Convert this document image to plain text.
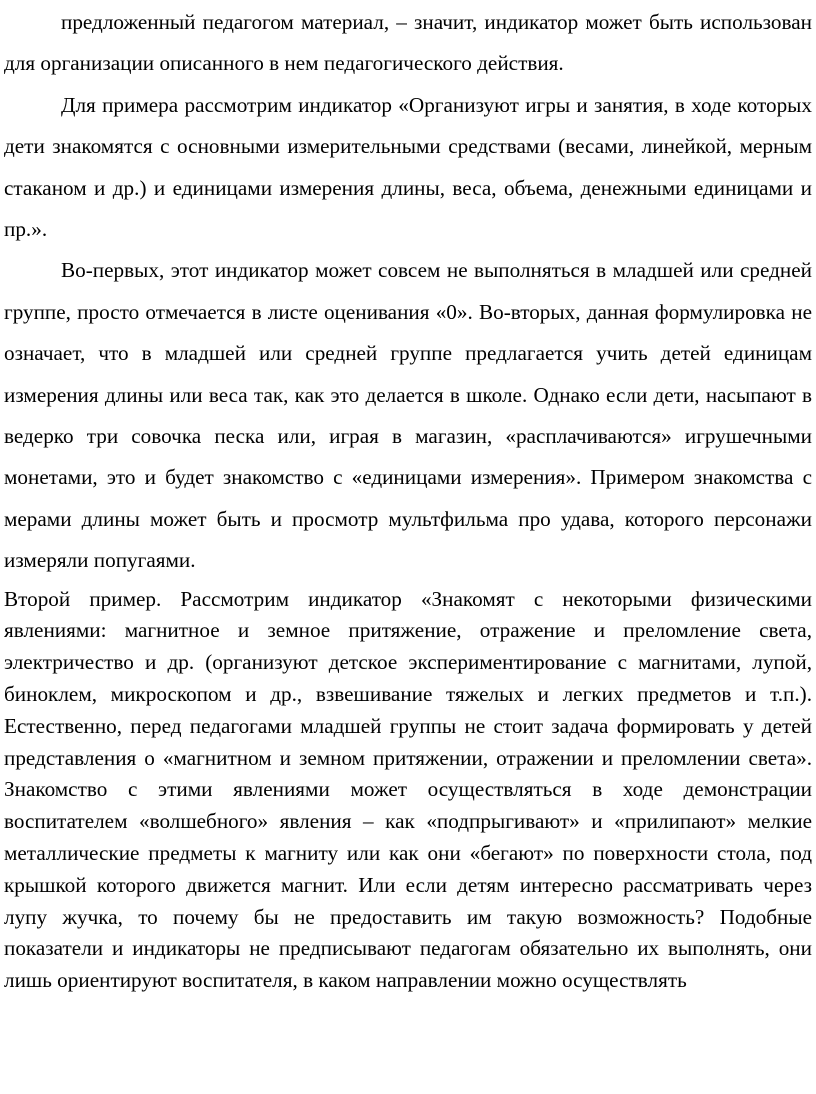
предложенный педагогом материал, – значит, индикатор может быть использован для организации описанного в нем педагогического действия.

Для примера рассмотрим индикатор «Организуют игры и занятия, в ходе которых дети знакомятся с основными измерительными средствами (весами, линейкой, мерным стаканом и др.) и единицами измерения длины, веса, объема, денежными единицами и пр.».

Во-первых, этот индикатор может совсем не выполняться в младшей или средней группе, просто отмечается в листе оценивания «0». Во-вторых, данная формулировка не означает, что в младшей или средней группе предлагается учить детей единицам измерения длины или веса так, как это делается в школе. Однако если дети, насыпают в ведерко три совочка песка или, играя в магазин, «расплачиваются» игрушечными монетами, это и будет знакомство с «единицами измерения». Примером знакомства с мерами длины может быть и просмотр мультфильма про удава, которого персонажи измеряли попугаями.

Второй пример. Рассмотрим индикатор «Знакомят с некоторыми физическими явлениями: магнитное и земное притяжение, отражение и преломление света, электричество и др. (организуют детское экспериментирование с магнитами, лупой, биноклем, микроскопом и др., взвешивание тяжелых и легких предметов и т.п.). Естественно, перед педагогами младшей группы не стоит задача формировать у детей представления о «магнитном и земном притяжении, отражении и преломлении света». Знакомство с этими явлениями может осуществляться в ходе демонстрации воспитателем «волшебного» явления – как «подпрыгивают» и «прилипают» мелкие металлические предметы к магниту или как они «бегают» по поверхности стола, под крышкой которого движется магнит. Или если детям интересно рассматривать через лупу жучка, то почему бы не предоставить им такую возможность? Подобные показатели и индикаторы не предписывают педагогам обязательно их выполнять, они лишь ориентируют воспитателя, в каком направлении можно осуществлять
